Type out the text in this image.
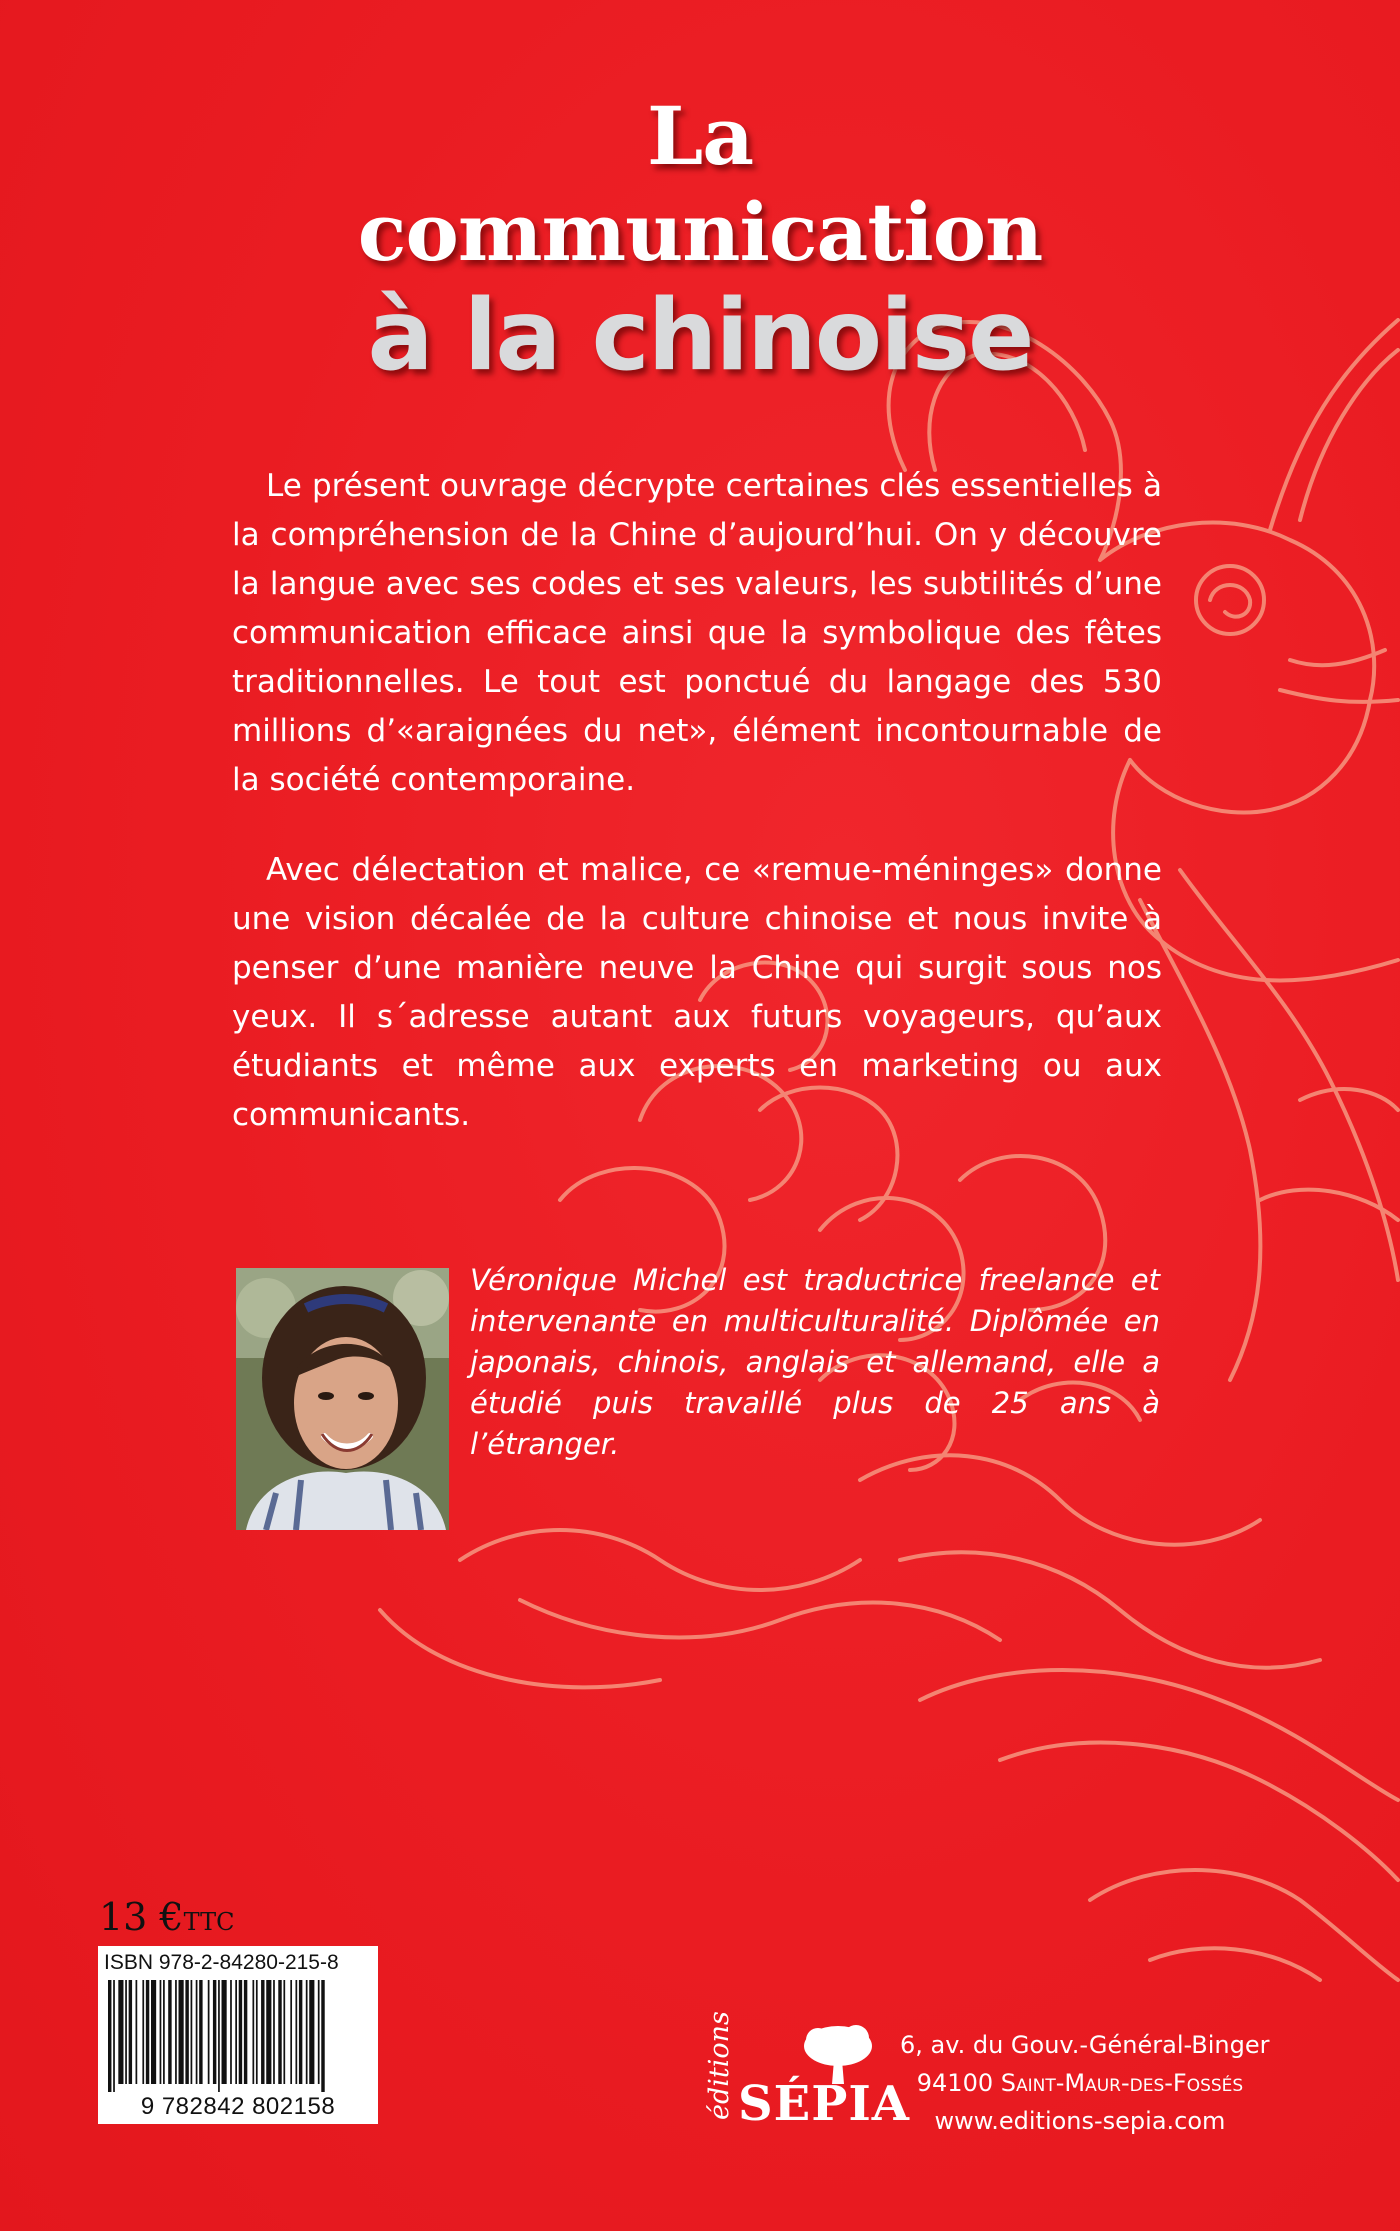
La communication
à la chinoise

Le présent ouvrage décrypte certaines clés essentielles à la compréhension de la Chine d’aujourd’hui. On y découvre la langue avec ses codes et ses valeurs, les subtilités d’une communication efficace ainsi que la symbolique des fêtes traditionnelles. Le tout est ponctué du langage des 530 millions d’«araignées du net», élément incontournable de la société contemporaine.

Avec délectation et malice, ce «remue-méninges» donne une vision décalée de la culture chinoise et nous invite à penser d’une manière neuve la Chine qui surgit sous nos yeux. Il s´adresse autant aux futurs voyageurs, qu’aux étudiants et même aux experts en marketing ou aux communicants.

Véronique Michel est traductrice freelance et intervenante en multiculturalité. Diplômée en japonais, chinois, anglais et allemand, elle a étudié puis travaillé plus de 25 ans à l’étranger.

13 €TTC
ISBN 978-2-84280-215-8
9 782842 802158	éditions SÉPIA
6, av. du Gouv.-Général-Binger
94100 Saint-Maur-des-Fossés
www.editions-sepia.com
